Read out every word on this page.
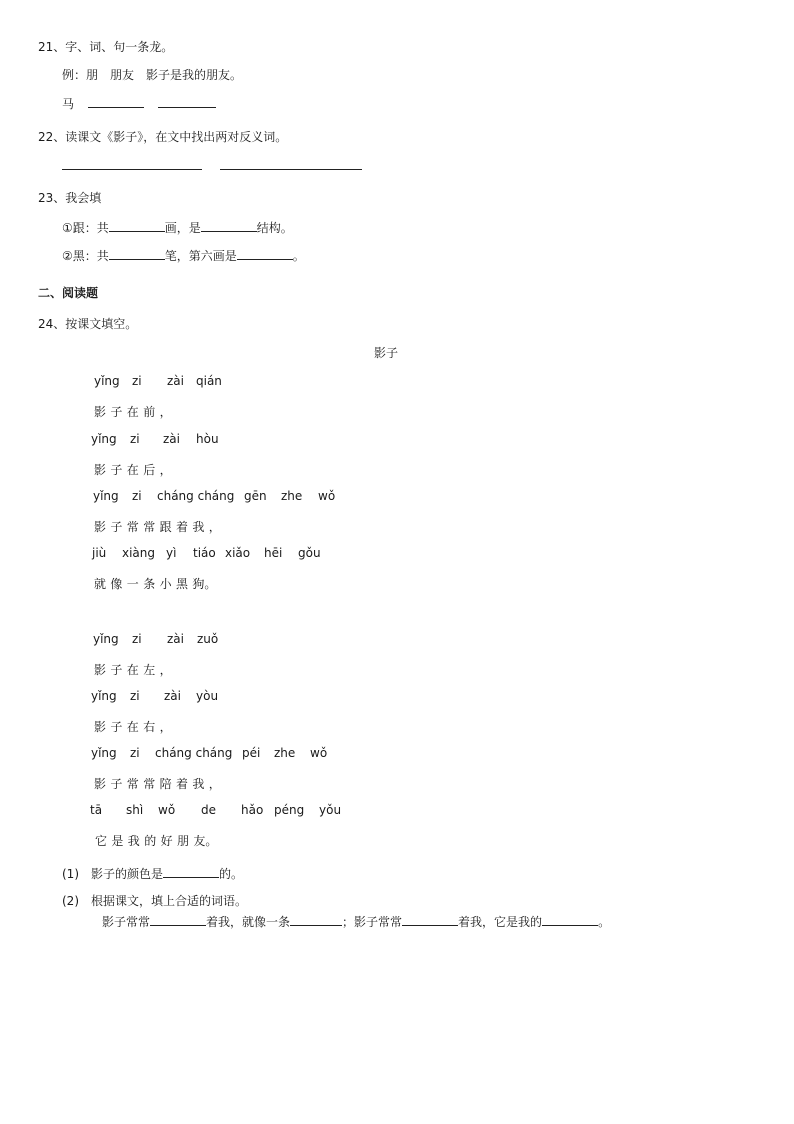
21、字、词、句一条龙。
例：朋　朋友　影子是我的朋友。
马
22、读课文《影子》，在文中找出两对反义词。

23、我会填
①跟：共	画，是	结构。
②黑：共	笔，第六画是	。
二、阅读题
24、按课文填空。
影子
yǐng zi zài qián
影 子 在 前 ，
yǐng zi zài hòu
影 子 在 后 ，
yǐng zi cháng cháng gēn zhe wǒ
影 子 常 常 跟 着 我 ，
jiù xiàng yì tiáo xiǎo hēi gǒu
就 像 一 条 小 黑 狗。
yǐng zi zài zuǒ
影 子 在 左 ，
yǐng zi zài yòu
影 子 在 右 ，
yǐng zi cháng cháng péi zhe wǒ
影 子 常 常 陪 着 我 ，
tā shì wǒ de hǎo péng yǒu
它 是 我 的 好 朋 友。
(1)　影子的颜色是	的。
(2)　根据课文，填上合适的词语。
影子常常	着我，就像一条	；影子常常	着我，它是我的	。
